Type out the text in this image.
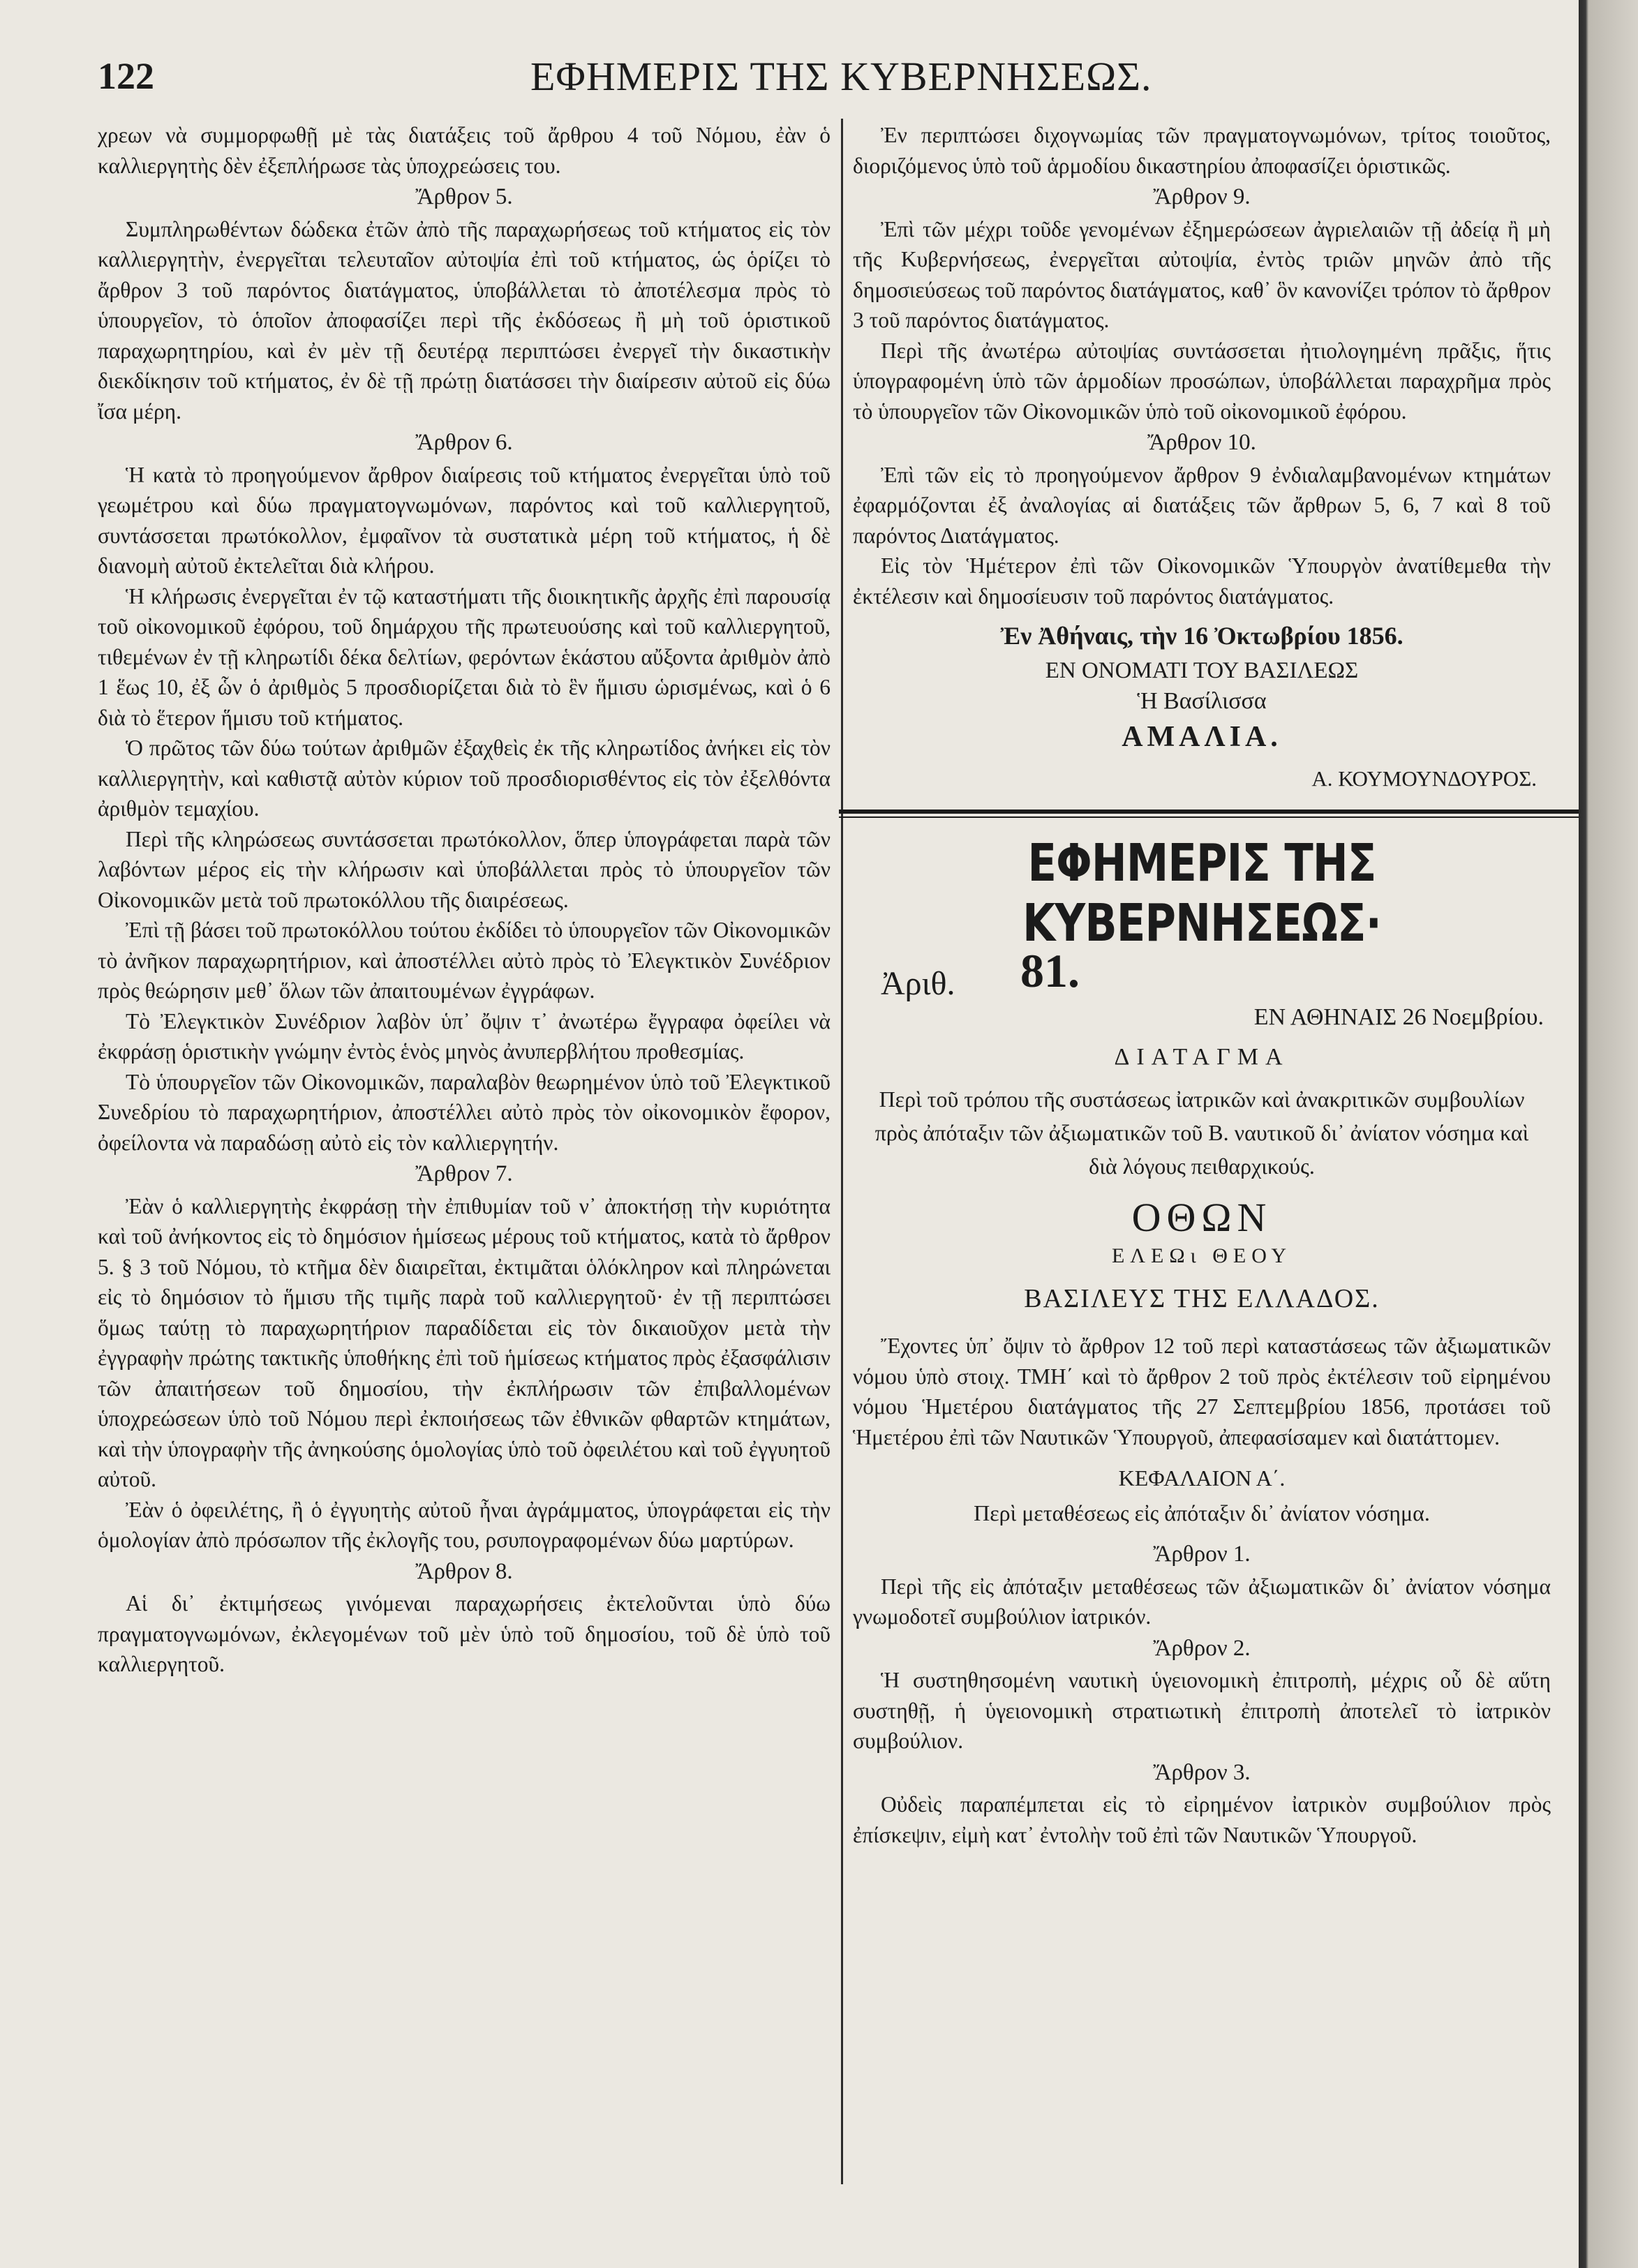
122	ΕΦΗΜΕΡΙΣ ΤΗΣ ΚΥΒΕΡΝΗΣΕΩΣ.

χρεων νὰ συμμορφωθῇ μὲ τὰς διατάξεις τοῦ ἄρθρου 4 τοῦ Νόμου, ἐὰν ὁ καλλιεργητὴς δὲν ἐξεπλήρωσε τὰς ὑποχρεώσεις του.

Ἄρθρον 5.

Συμπληρωθέντων δώδεκα ἐτῶν ἀπὸ τῆς παραχωρήσεως τοῦ κτήματος εἰς τὸν καλλιεργητὴν, ἐνεργεῖται τελευταῖον αὐτοψία ἐπὶ τοῦ κτήματος, ὡς ὁρίζει τὸ ἄρθρον 3 τοῦ παρόντος διατάγματος, ὑποβάλλεται τὸ ἀποτέλεσμα πρὸς τὸ ὑπουργεῖον, τὸ ὁποῖον ἀποφασίζει περὶ τῆς ἐκδόσεως ἢ μὴ τοῦ ὁριστικοῦ παραχωρητηρίου, καὶ ἐν μὲν τῇ δευτέρᾳ περιπτώσει ἐνεργεῖ τὴν δικαστικὴν διεκδίκησιν τοῦ κτήματος, ἐν δὲ τῇ πρώτῃ διατάσσει τὴν διαίρεσιν αὐτοῦ εἰς δύω ἴσα μέρη.

Ἄρθρον 6.

Ἡ κατὰ τὸ προηγούμενον ἄρθρον διαίρεσις τοῦ κτήματος ἐνεργεῖται ὑπὸ τοῦ γεωμέτρου καὶ δύω πραγματογνωμόνων, παρόντος καὶ τοῦ καλλιεργητοῦ, συντάσσεται πρωτόκολλον, ἐμφαῖνον τὰ συστατικὰ μέρη τοῦ κτήματος, ἡ δὲ διανομὴ αὐτοῦ ἐκτελεῖται διὰ κλήρου.

Ἡ κλήρωσις ἐνεργεῖται ἐν τῷ καταστήματι τῆς διοικητικῆς ἀρχῆς ἐπὶ παρουσίᾳ τοῦ οἰκονομικοῦ ἐφόρου, τοῦ δημάρχου τῆς πρωτευούσης καὶ τοῦ καλλιεργητοῦ, τιθεμένων ἐν τῇ κληρωτίδι δέκα δελτίων, φερόντων ἑκάστου αὔξοντα ἀριθμὸν ἀπὸ 1 ἕως 10, ἐξ ὧν ὁ ἀριθμὸς 5 προσδιορίζεται διὰ τὸ ἓν ἥμισυ ὡρισμένως, καὶ ὁ 6 διὰ τὸ ἕτερον ἥμισυ τοῦ κτήματος.

Ὁ πρῶτος τῶν δύω τούτων ἀριθμῶν ἐξαχθεὶς ἐκ τῆς κληρωτίδος ἀνήκει εἰς τὸν καλλιεργητὴν, καὶ καθιστᾷ αὐτὸν κύριον τοῦ προσδιορισθέντος εἰς τὸν ἐξελθόντα ἀριθμὸν τεμαχίου.

Περὶ τῆς κληρώσεως συντάσσεται πρωτόκολλον, ὅπερ ὑπογράφεται παρὰ τῶν λαβόντων μέρος εἰς τὴν κλήρωσιν καὶ ὑποβάλλεται πρὸς τὸ ὑπουργεῖον τῶν Οἰκονομικῶν μετὰ τοῦ πρωτοκόλλου τῆς διαιρέσεως.

Ἐπὶ τῇ βάσει τοῦ πρωτοκόλλου τούτου ἐκδίδει τὸ ὑπουργεῖον τῶν Οἰκονομικῶν τὸ ἀνῆκον παραχωρητήριον, καὶ ἀποστέλλει αὐτὸ πρὸς τὸ Ἐλεγκτικὸν Συνέδριον πρὸς θεώρησιν μεθ᾽ ὅλων τῶν ἀπαιτουμένων ἐγγράφων.

Τὸ Ἐλεγκτικὸν Συνέδριον λαβὸν ὑπ᾽ ὄψιν τ᾽ ἀνωτέρω ἔγγραφα ὀφείλει νὰ ἐκφράσῃ ὁριστικὴν γνώμην ἐντὸς ἑνὸς μηνὸς ἀνυπερβλήτου προθεσμίας.

Τὸ ὑπουργεῖον τῶν Οἰκονομικῶν, παραλαβὸν θεωρημένον ὑπὸ τοῦ Ἐλεγκτικοῦ Συνεδρίου τὸ παραχωρητήριον, ἀποστέλλει αὐτὸ πρὸς τὸν οἰκονομικὸν ἔφορον, ὀφείλοντα νὰ παραδώσῃ αὐτὸ εἰς τὸν καλλιεργητήν.

Ἄρθρον 7.

Ἐὰν ὁ καλλιεργητὴς ἐκφράσῃ τὴν ἐπιθυμίαν τοῦ ν᾽ ἀποκτήσῃ τὴν κυριότητα καὶ τοῦ ἀνήκοντος εἰς τὸ δημόσιον ἡμίσεως μέρους τοῦ κτήματος, κατὰ τὸ ἄρθρον 5. § 3 τοῦ Νόμου, τὸ κτῆμα δὲν διαιρεῖται, ἐκτιμᾶται ὁλόκληρον καὶ πληρώνεται εἰς τὸ δημόσιον τὸ ἥμισυ τῆς τιμῆς παρὰ τοῦ καλλιεργητοῦ· ἐν τῇ περιπτώσει ὅμως ταύτῃ τὸ παραχωρητήριον παραδίδεται εἰς τὸν δικαιοῦχον μετὰ τὴν ἐγγραφὴν πρώτης τακτικῆς ὑποθήκης ἐπὶ τοῦ ἡμίσεως κτήματος πρὸς ἐξασφάλισιν τῶν ἀπαιτήσεων τοῦ δημοσίου, τὴν ἐκπλήρωσιν τῶν ἐπιβαλλομένων ὑποχρεώσεων ὑπὸ τοῦ Νόμου περὶ ἐκποιήσεως τῶν ἐθνικῶν φθαρτῶν κτημάτων, καὶ τὴν ὑπογραφὴν τῆς ἀνηκούσης ὁμολογίας ὑπὸ τοῦ ὀφειλέτου καὶ τοῦ ἐγγυητοῦ αὐτοῦ.

Ἐὰν ὁ ὀφειλέτης, ἢ ὁ ἐγγυητὴς αὐτοῦ ἦναι ἀγράμματος, ὑπογράφεται εἰς τὴν ὁμολογίαν ἀπὸ πρόσωπον τῆς ἐκλογῆς του, ρσυπογραφομένων δύω μαρτύρων.

Ἄρθρον 8.

Αἱ δι᾽ ἐκτιμήσεως γινόμεναι παραχωρήσεις ἐκτελοῦνται ὑπὸ δύω πραγματογνωμόνων, ἐκλεγομένων τοῦ μὲν ὑπὸ τοῦ δημοσίου, τοῦ δὲ ὑπὸ τοῦ καλλιεργητοῦ.

Ἐν περιπτώσει διχογνωμίας τῶν πραγματογνωμόνων, τρίτος τοιοῦτος, διοριζόμενος ὑπὸ τοῦ ἁρμοδίου δικαστηρίου ἀποφασίζει ὁριστικῶς.

Ἄρθρον 9.

Ἐπὶ τῶν μέχρι τοῦδε γενομένων ἐξημερώσεων ἀγριελαιῶν τῇ ἀδείᾳ ἢ μὴ τῆς Κυβερνήσεως, ἐνεργεῖται αὐτοψία, ἐντὸς τριῶν μηνῶν ἀπὸ τῆς δημοσιεύσεως τοῦ παρόντος διατάγματος, καθ᾽ ὃν κανονίζει τρόπον τὸ ἄρθρον 3 τοῦ παρόντος διατάγματος.

Περὶ τῆς ἀνωτέρω αὐτοψίας συντάσσεται ἠτιολογημένη πρᾶξις, ἥτις ὑπογραφομένη ὑπὸ τῶν ἁρμοδίων προσώπων, ὑποβάλλεται παραχρῆμα πρὸς τὸ ὑπουργεῖον τῶν Οἰκονομικῶν ὑπὸ τοῦ οἰκονομικοῦ ἐφόρου.

Ἄρθρον 10.

Ἐπὶ τῶν εἰς τὸ προηγούμενον ἄρθρον 9 ἐνδιαλαμβανομένων κτημάτων ἐφαρμόζονται ἐξ ἀναλογίας αἱ διατάξεις τῶν ἄρθρων 5, 6, 7 καὶ 8 τοῦ παρόντος Διατάγματος.

Εἰς τὸν Ἡμέτερον ἐπὶ τῶν Οἰκονομικῶν Ὑπουργὸν ἀνατίθεμεθα τὴν ἐκτέλεσιν καὶ δημοσίευσιν τοῦ παρόντος διατάγματος.

Ἐν Ἀθήναις, τὴν 16 Ὀκτωβρίου 1856.
ΕΝ ΟΝΟΜΑΤΙ ΤΟΥ ΒΑΣΙΛΕΩΣ
Ἡ Βασίλισσα
ΑΜΑΛΙΑ.
Α. ΚΟΥΜΟΥΝΔΟΥΡΟΣ.
ΕΦΗΜΕΡΙΣ ΤΗΣ ΚΥΒΕΡΝΗΣΕΩΣ·
Ἀριθ. 81.
ΕΝ ΑΘΗΝΑΙΣ 26 Νοεμβρίου.
ΔΙΑΤΑΓΜΑ
Περὶ τοῦ τρόπου τῆς συστάσεως ἰατρικῶν καὶ ἀνακριτικῶν συμβουλίων πρὸς ἀπόταξιν τῶν ἀξιωματικῶν τοῦ Β. ναυτικοῦ δι᾽ ἀνίατον νόσημα καὶ διὰ λόγους πειθαρχικούς.
ΟΘΩΝ
ΕΛΕΩι ΘΕΟΥ
ΒΑΣΙΛΕΥΣ ΤΗΣ ΕΛΛΑΔΟΣ.

Ἔχοντες ὑπ᾽ ὄψιν τὸ ἄρθρον 12 τοῦ περὶ καταστάσεως τῶν ἀξιωματικῶν νόμου ὑπὸ στοιχ. ΤΜΗ΄ καὶ τὸ ἄρθρον 2 τοῦ πρὸς ἐκτέλεσιν τοῦ εἰρημένου νόμου Ἡμετέρου διατάγματος τῆς 27 Σεπτεμβρίου 1856, προτάσει τοῦ Ἡμετέρου ἐπὶ τῶν Ναυτικῶν Ὑπουργοῦ, ἀπεφασίσαμεν καὶ διατάττομεν.

ΚΕΦΑΛΑΙΟΝ Α΄.
Περὶ μεταθέσεως εἰς ἀπόταξιν δι᾽ ἀνίατον νόσημα.
Ἄρθρον 1.

Περὶ τῆς εἰς ἀπόταξιν μεταθέσεως τῶν ἀξιωματικῶν δι᾽ ἀνίατον νόσημα γνωμοδοτεῖ συμβούλιον ἰατρικόν.

Ἄρθρον 2.

Ἡ συστηθησομένη ναυτικὴ ὑγειονομικὴ ἐπιτροπὴ, μέχρις οὗ δὲ αὕτη συστηθῇ, ἡ ὑγειονομικὴ στρατιωτικὴ ἐπιτροπὴ ἀποτελεῖ τὸ ἰατρικὸν συμβούλιον.

Ἄρθρον 3.

Οὐδεὶς παραπέμπεται εἰς τὸ εἰρημένον ἰατρικὸν συμβούλιον πρὸς ἐπίσκεψιν, εἰμὴ κατ᾽ ἐντολὴν τοῦ ἐπὶ τῶν Ναυτικῶν Ὑπουργοῦ.
